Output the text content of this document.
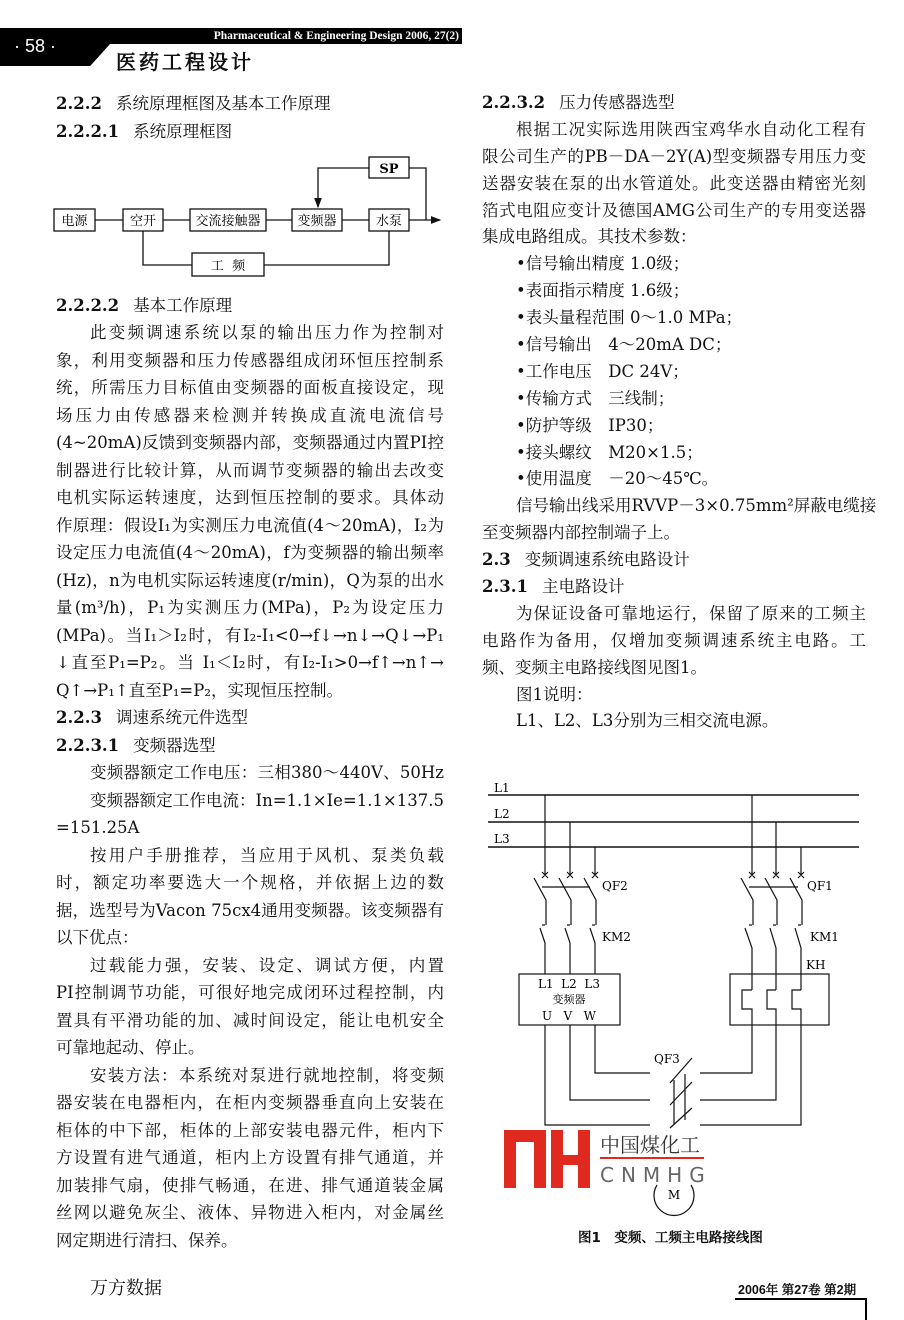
· 58 ·	Pharmaceutical & Engineering Design 2006, 27(2)
医药工程设计
2.2.2 系统原理框图及基本工作原理
2.2.2.1 系统原理框图
2.2.2.2 基本工作原理
此变频调速系统以泵的输出压力作为控制对
象，利用变频器和压力传感器组成闭环恒压控制系
统，所需压力目标值由变频器的面板直接设定，现
场压力由传感器来检测并转换成直流电流信号
(4~20mA)反馈到变频器内部，变频器通过内置PI控
制器进行比较计算，从而调节变频器的输出去改变
电机实际运转速度，达到恒压控制的要求。具体动
作原理：假设I₁为实测压力电流值(4～20mA)，I₂为
设定压力电流值(4～20mA)，f为变频器的输出频率
(Hz)，n为电机实际运转速度(r/min)，Q为泵的出水
量(m³/h)，P₁为实测压力(MPa)，P₂为设定压力
(MPa)。当I₁＞I₂时，有I₂-I₁<0→f↓→n↓→Q↓→P₁
↓直至P₁=P₂。当 I₁＜I₂时，有I₂-I₁>0→f↑→n↑→
Q↑→P₁↑直至P₁=P₂，实现恒压控制。
2.2.3 调速系统元件选型
2.2.3.1 变频器选型
变频器额定工作电压：三相380～440V、50Hz
变频器额定工作电流：In=1.1×Ie=1.1×137.5
=151.25A
按用户手册推荐，当应用于风机、泵类负载
时，额定功率要选大一个规格，并依据上边的数
据，选型号为Vacon 75cx4通用变频器。该变频器有
以下优点：
过载能力强，安装、设定、调试方便，内置
PI控制调节功能，可很好地完成闭环过程控制，内
置具有平滑功能的加、减时间设定，能让电机安全
可靠地起动、停止。
安装方法：本系统对泵进行就地控制，将变频
器安装在电器柜内，在柜内变频器垂直向上安装在
柜体的中下部，柜体的上部安装电器元件，柜内下
方设置有进气通道，柜内上方设置有排气通道，并
加装排气扇，使排气畅通，在进、排气通道装金属
丝网以避免灰尘、液体、异物进入柜内，对金属丝
网定期进行清扫、保养。
2.2.3.2 压力传感器选型
根据工况实际选用陕西宝鸡华水自动化工程有
限公司生产的PB－DA－2Y(A)型变频器专用压力变
送器安装在泵的出水管道处。此变送器由精密光刻
箔式电阻应变计及德国AMG公司生产的专用变送器
集成电路组成。其技术参数：
•信号输出精度 1.0级；
•表面指示精度 1.6级；
•表头量程范围 0～1.0 MPa；
•信号输出　4～20mA DC；
•工作电压　DC 24V；
•传输方式　三线制；
•防护等级　IP30；
•接头螺纹　M20×1.5；
•使用温度　－20～45℃。
信号输出线采用RVVP－3×0.75mm²屏蔽电缆接
至变频器内部控制端子上。
2.3 变频调速系统电路设计
2.3.1 主电路设计
为保证设备可靠地运行，保留了原来的工频主
电路作为备用，仅增加变频调速系统主电路。工
频、变频主电路接线图见图1。
图1说明：
L1、L2、L3分别为三相交流电源。
电源	空开	交流接触器	变频器	水泵
SP
工  频
L1
L2
L3
QF2	QF1
KM2	KM1
KH
QF3
L1  L2  L3
变频器
U   V   W
M
中国煤化工
CNMHG
图1　变频、工频主电路接线图
万方数据	2006年 第27卷 第2期
